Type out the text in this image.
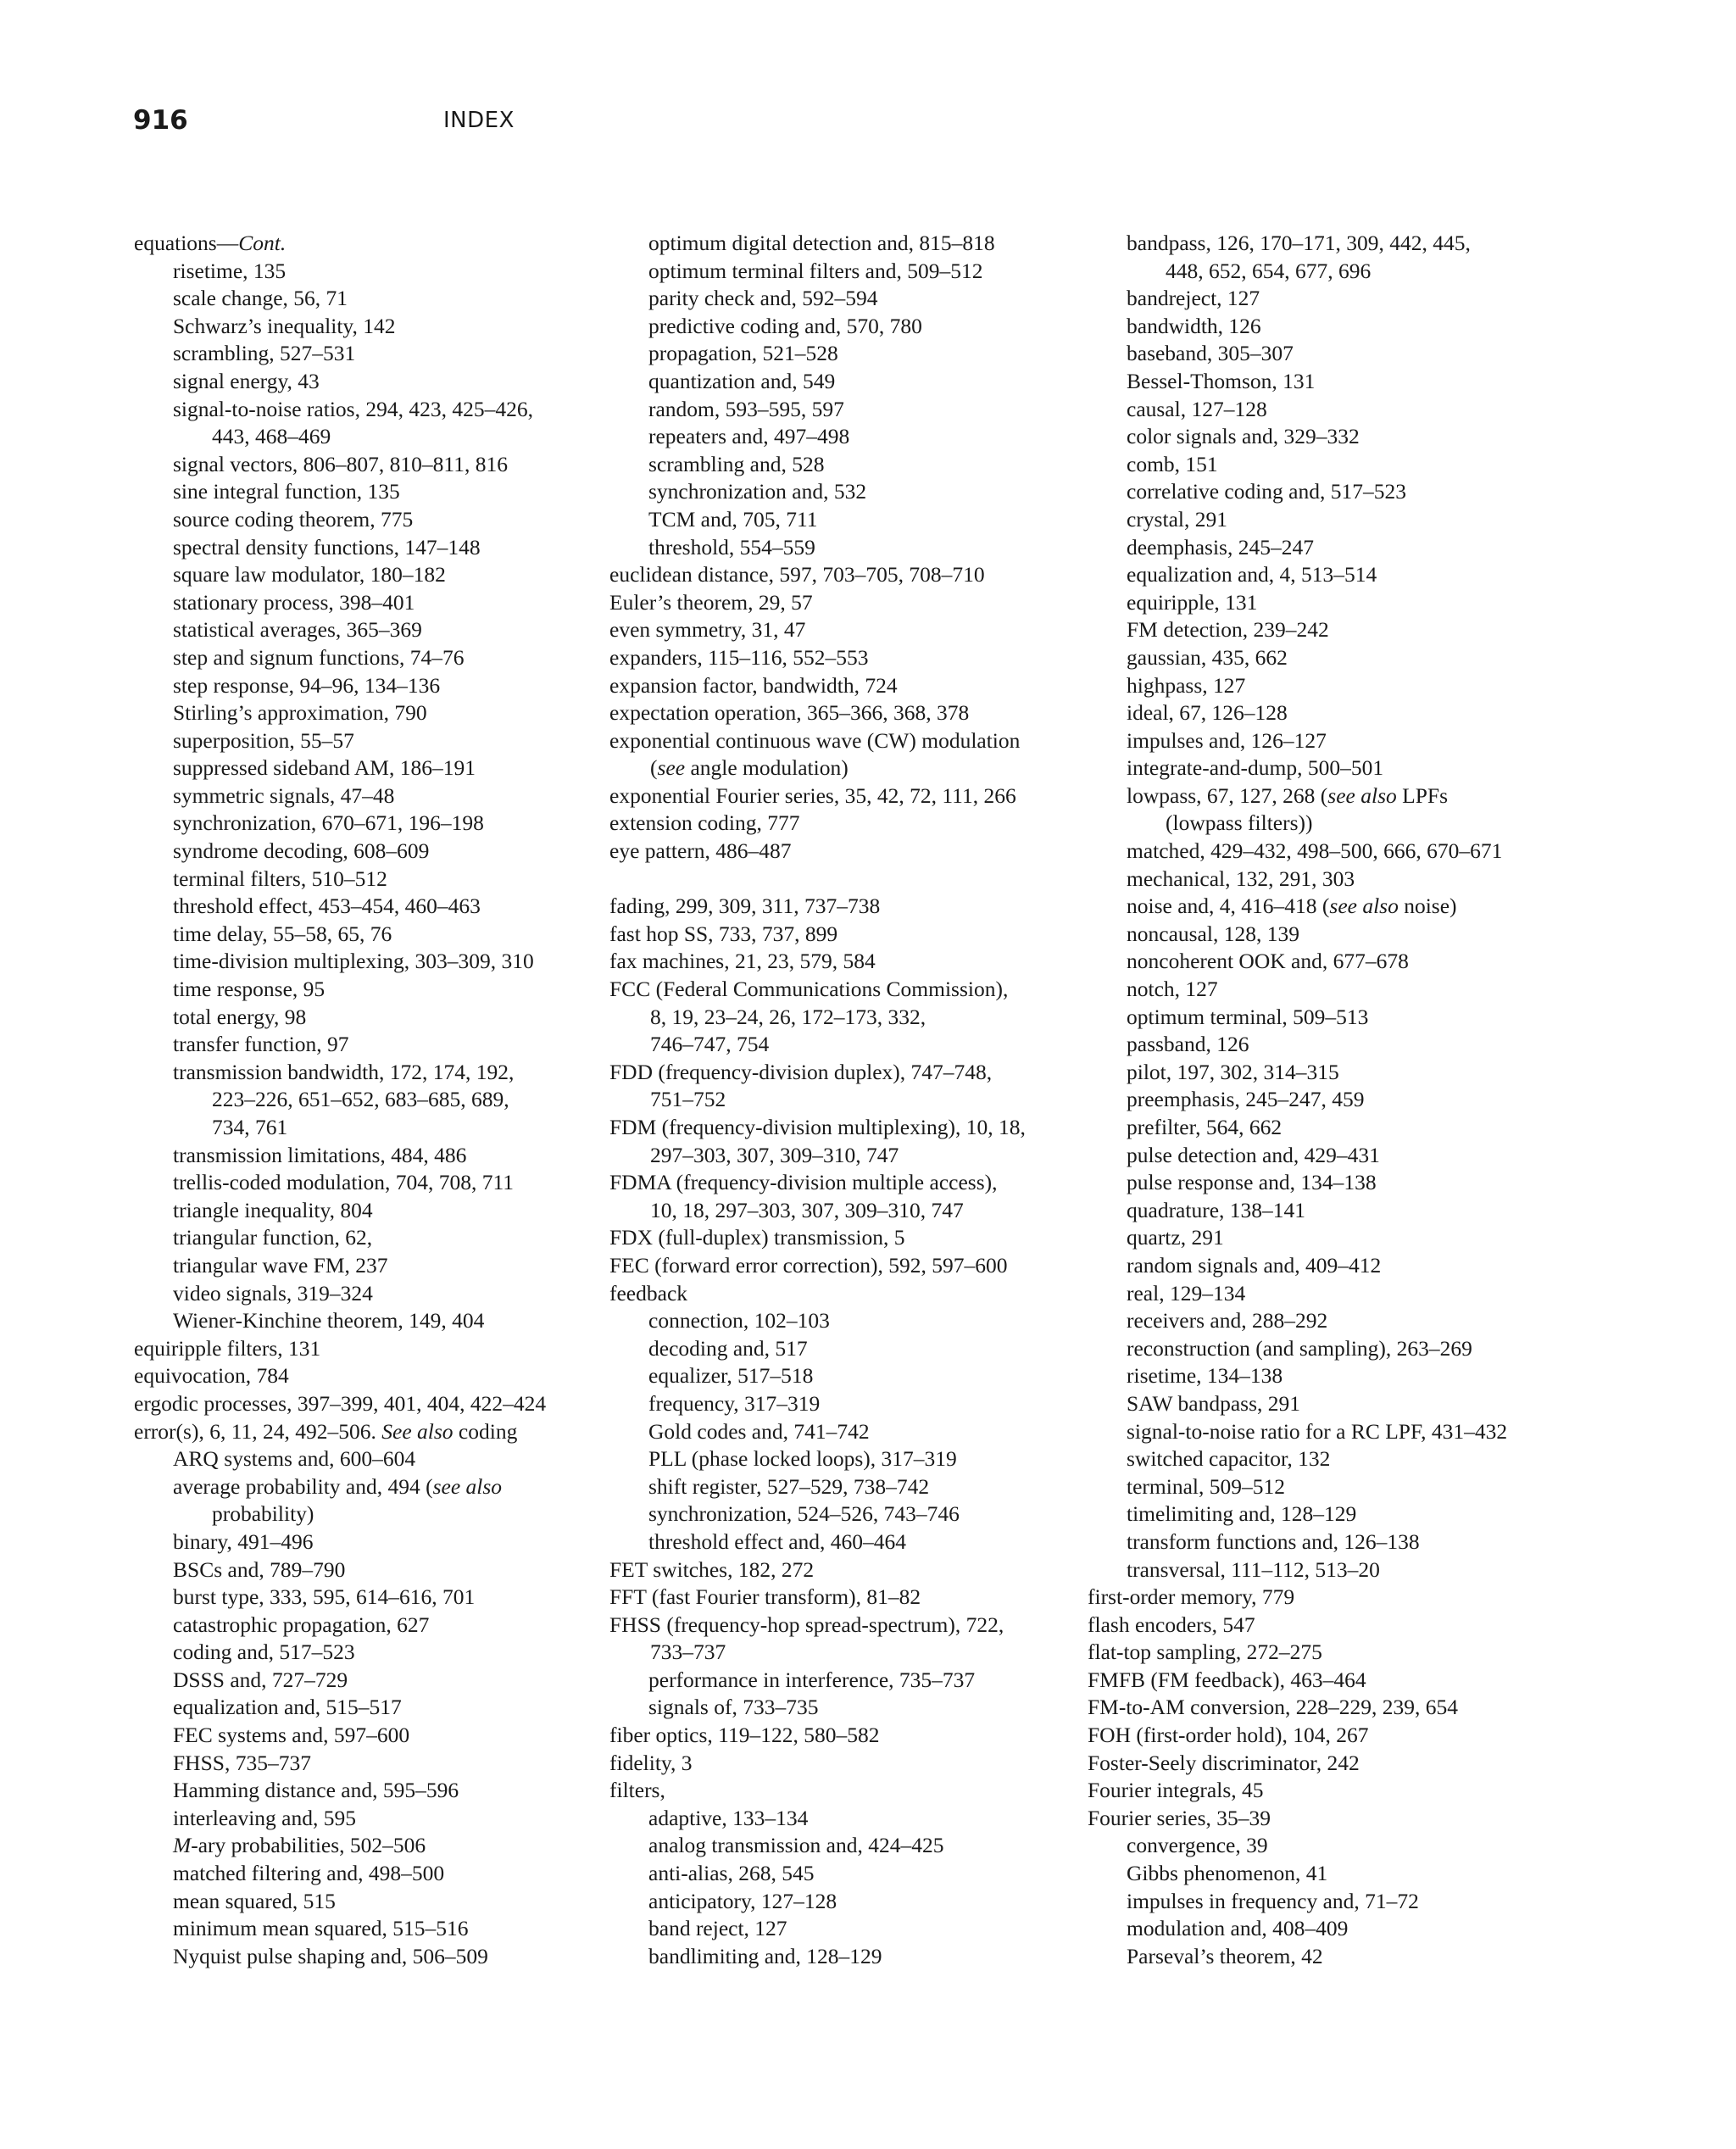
916	INDEX
equations—Cont.
risetime, 135
scale change, 56, 71
Schwarz’s inequality, 142
scrambling, 527–531
signal energy, 43
signal-to-noise ratios, 294, 423, 425–426,
443, 468–469
signal vectors, 806–807, 810–811, 816
sine integral function, 135
source coding theorem, 775
spectral density functions, 147–148
square law modulator, 180–182
stationary process, 398–401
statistical averages, 365–369
step and signum functions, 74–76
step response, 94–96, 134–136
Stirling’s approximation, 790
superposition, 55–57
suppressed sideband AM, 186–191
symmetric signals, 47–48
synchronization, 670–671, 196–198
syndrome decoding, 608–609
terminal filters, 510–512
threshold effect, 453–454, 460–463
time delay, 55–58, 65, 76
time-division multiplexing, 303–309, 310
time response, 95
total energy, 98
transfer function, 97
transmission bandwidth, 172, 174, 192,
223–226, 651–652, 683–685, 689,
734, 761
transmission limitations, 484, 486
trellis-coded modulation, 704, 708, 711
triangle inequality, 804
triangular function, 62,
triangular wave FM, 237
video signals, 319–324
Wiener-Kinchine theorem, 149, 404
equiripple filters, 131
equivocation, 784
ergodic processes, 397–399, 401, 404, 422–424
error(s), 6, 11, 24, 492–506. See also coding
ARQ systems and, 600–604
average probability and, 494 (see also
probability)
binary, 491–496
BSCs and, 789–790
burst type, 333, 595, 614–616, 701
catastrophic propagation, 627
coding and, 517–523
DSSS and, 727–729
equalization and, 515–517
FEC systems and, 597–600
FHSS, 735–737
Hamming distance and, 595–596
interleaving and, 595
M-ary probabilities, 502–506
matched filtering and, 498–500
mean squared, 515
minimum mean squared, 515–516
Nyquist pulse shaping and, 506–509
optimum digital detection and, 815–818
optimum terminal filters and, 509–512
parity check and, 592–594
predictive coding and, 570, 780
propagation, 521–528
quantization and, 549
random, 593–595, 597
repeaters and, 497–498
scrambling and, 528
synchronization and, 532
TCM and, 705, 711
threshold, 554–559
euclidean distance, 597, 703–705, 708–710
Euler’s theorem, 29, 57
even symmetry, 31, 47
expanders, 115–116, 552–553
expansion factor, bandwidth, 724
expectation operation, 365–366, 368, 378
exponential continuous wave (CW) modulation
(see angle modulation)
exponential Fourier series, 35, 42, 72, 111, 266
extension coding, 777
eye pattern, 486–487
fading, 299, 309, 311, 737–738
fast hop SS, 733, 737, 899
fax machines, 21, 23, 579, 584
FCC (Federal Communications Commission),
8, 19, 23–24, 26, 172–173, 332,
746–747, 754
FDD (frequency-division duplex), 747–748,
751–752
FDM (frequency-division multiplexing), 10, 18,
297–303, 307, 309–310, 747
FDMA (frequency-division multiple access),
10, 18, 297–303, 307, 309–310, 747
FDX (full-duplex) transmission, 5
FEC (forward error correction), 592, 597–600
feedback
connection, 102–103
decoding and, 517
equalizer, 517–518
frequency, 317–319
Gold codes and, 741–742
PLL (phase locked loops), 317–319
shift register, 527–529, 738–742
synchronization, 524–526, 743–746
threshold effect and, 460–464
FET switches, 182, 272
FFT (fast Fourier transform), 81–82
FHSS (frequency-hop spread-spectrum), 722,
733–737
performance in interference, 735–737
signals of, 733–735
fiber optics, 119–122, 580–582
fidelity, 3
filters,
adaptive, 133–134
analog transmission and, 424–425
anti-alias, 268, 545
anticipatory, 127–128
band reject, 127
bandlimiting and, 128–129
bandpass, 126, 170–171, 309, 442, 445,
448, 652, 654, 677, 696
bandreject, 127
bandwidth, 126
baseband, 305–307
Bessel-Thomson, 131
causal, 127–128
color signals and, 329–332
comb, 151
correlative coding and, 517–523
crystal, 291
deemphasis, 245–247
equalization and, 4, 513–514
equiripple, 131
FM detection, 239–242
gaussian, 435, 662
highpass, 127
ideal, 67, 126–128
impulses and, 126–127
integrate-and-dump, 500–501
lowpass, 67, 127, 268 (see also LPFs
(lowpass filters))
matched, 429–432, 498–500, 666, 670–671
mechanical, 132, 291, 303
noise and, 4, 416–418 (see also noise)
noncausal, 128, 139
noncoherent OOK and, 677–678
notch, 127
optimum terminal, 509–513
passband, 126
pilot, 197, 302, 314–315
preemphasis, 245–247, 459
prefilter, 564, 662
pulse detection and, 429–431
pulse response and, 134–138
quadrature, 138–141
quartz, 291
random signals and, 409–412
real, 129–134
receivers and, 288–292
reconstruction (and sampling), 263–269
risetime, 134–138
SAW bandpass, 291
signal-to-noise ratio for a RC LPF, 431–432
switched capacitor, 132
terminal, 509–512
timelimiting and, 128–129
transform functions and, 126–138
transversal, 111–112, 513–20
first-order memory, 779
flash encoders, 547
flat-top sampling, 272–275
FMFB (FM feedback), 463–464
FM-to-AM conversion, 228–229, 239, 654
FOH (first-order hold), 104, 267
Foster-Seely discriminator, 242
Fourier integrals, 45
Fourier series, 35–39
convergence, 39
Gibbs phenomenon, 41
impulses in frequency and, 71–72
modulation and, 408–409
Parseval’s theorem, 42
